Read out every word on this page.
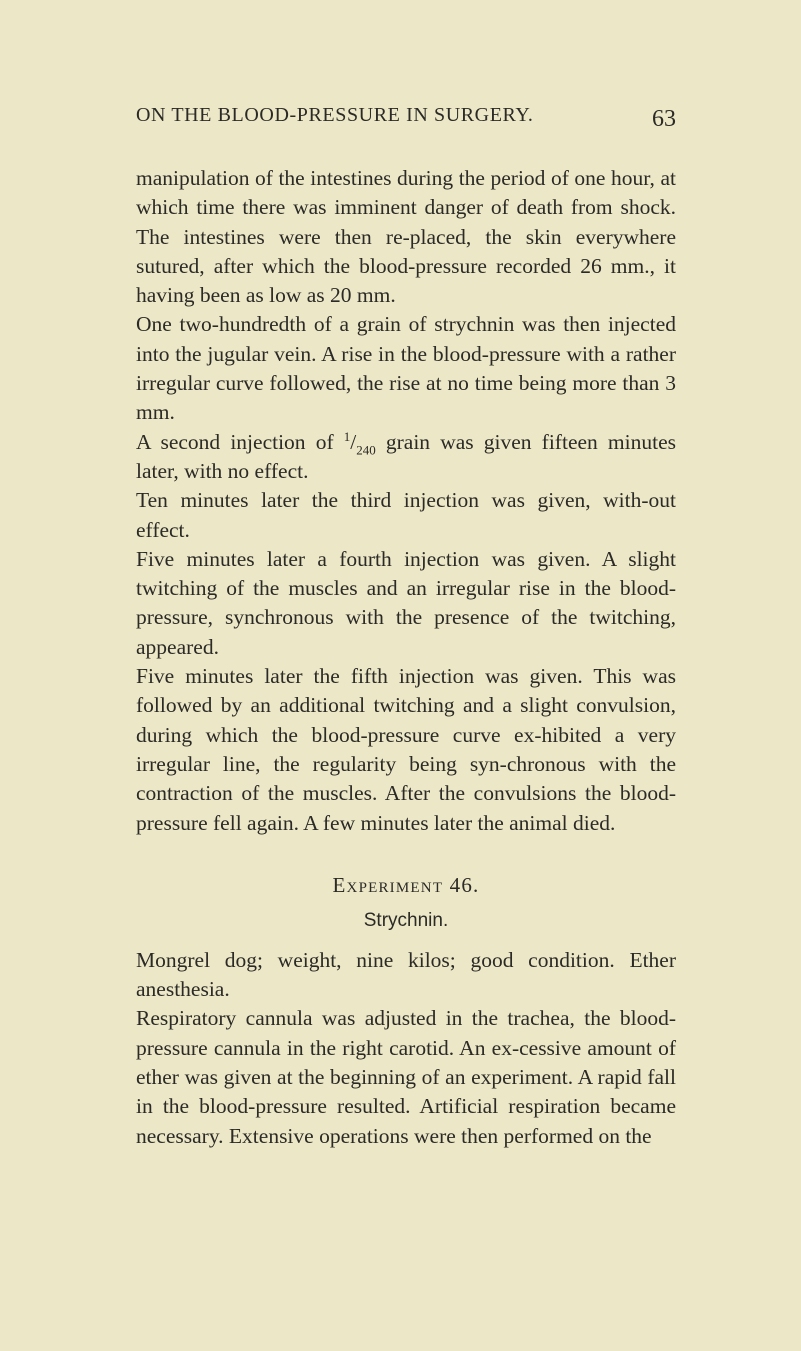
ON THE BLOOD-PRESSURE IN SURGERY.	63

manipulation of the intestines during the period of one hour, at which time there was imminent danger of death from shock. The intestines were then re-placed, the skin everywhere sutured, after which the blood-pressure recorded 26 mm., it having been as low as 20 mm.

One two-hundredth of a grain of strychnin was then injected into the jugular vein. A rise in the blood-pressure with a rather irregular curve followed, the rise at no time being more than 3 mm.

A second injection of $^1/_{240}$ grain was given fifteen minutes later, with no effect.

Ten minutes later the third injection was given, with-out effect.

Five minutes later a fourth injection was given. A slight twitching of the muscles and an irregular rise in the blood-pressure, synchronous with the presence of the twitching, appeared.

Five minutes later the fifth injection was given. This was followed by an additional twitching and a slight convulsion, during which the blood-pressure curve ex-hibited a very irregular line, the regularity being syn-chronous with the contraction of the muscles. After the convulsions the blood-pressure fell again. A few minutes later the animal died.

Experiment 46.
Strychnin.

Mongrel dog; weight, nine kilos; good condition. Ether anesthesia.

Respiratory cannula was adjusted in the trachea, the blood-pressure cannula in the right carotid. An ex-cessive amount of ether was given at the beginning of an experiment. A rapid fall in the blood-pressure resulted. Artificial respiration became necessary. Extensive operations were then performed on the
